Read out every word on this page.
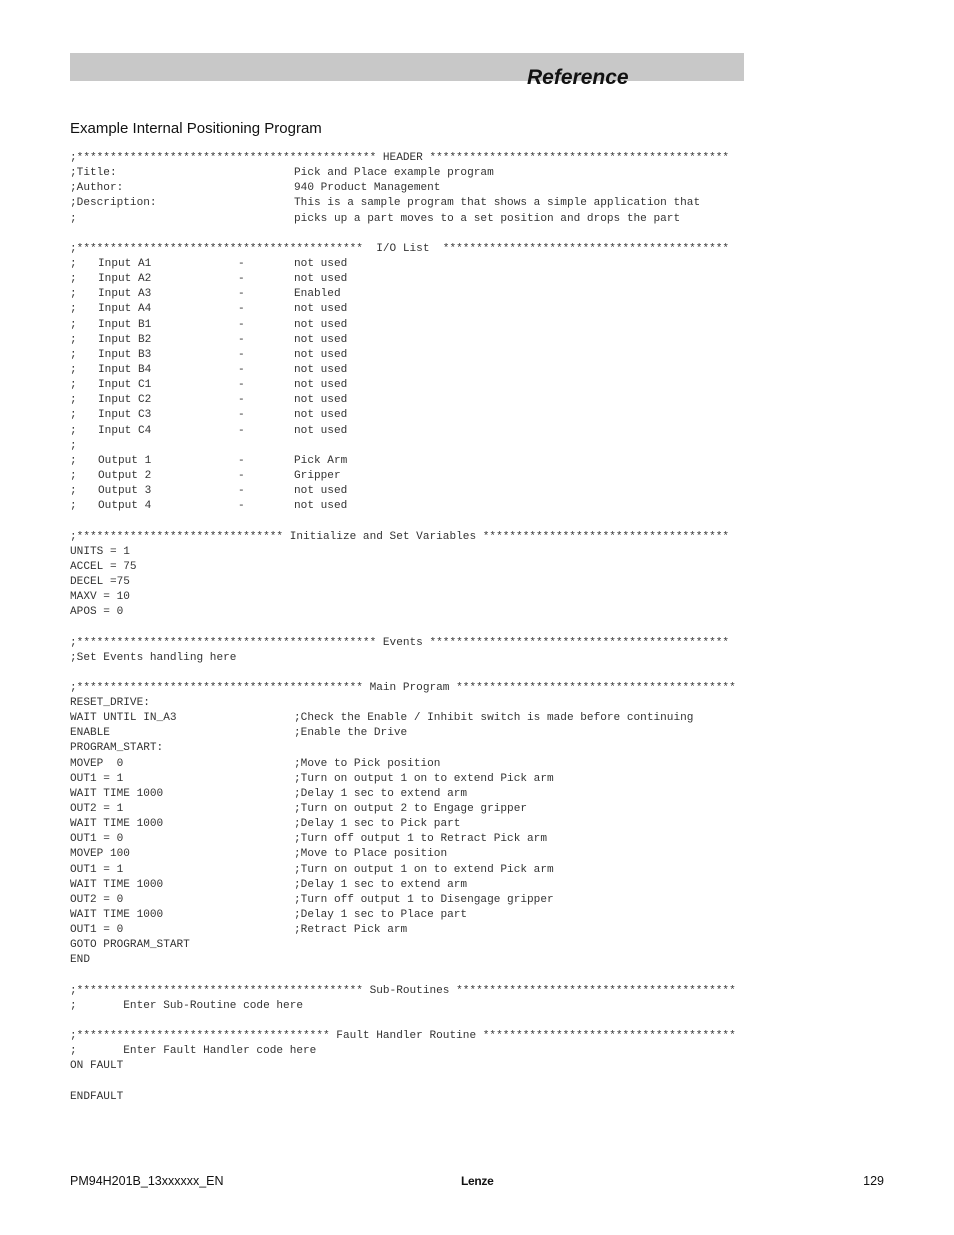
Reference
Example Internal Positioning Program
;********************************************* HEADER *********************************************
;Title:	Pick and Place example program
;Author:	940 Product Management
;Description:	This is a sample program that shows a simple application that
;	picks up a part moves to a set position and drops the part
;*******************************************  I/O List  *******************************************
; Input A1	-	not used
; Input A2	-	not used
; Input A3	-	Enabled
; Input A4	-	not used
; Input B1	-	not used
; Input B2	-	not used
; Input B3	-	not used
; Input B4	-	not used
; Input C1	-	not used
; Input C2	-	not used
; Input C3	-	not used
; Input C4	-	not used
;
; Output 1	-	Pick Arm
; Output 2	-	Gripper
; Output 3	-	not used
; Output 4	-	not used
;******************************* Initialize and Set Variables *************************************
UNITS = 1
ACCEL = 75
DECEL =75
MAXV = 10
APOS = 0
;********************************************* Events *********************************************
;Set Events handling here
;******************************************* Main Program ******************************************
RESET_DRIVE:
WAIT UNTIL IN_A3	;Check the Enable / Inhibit switch is made before continuing
ENABLE	;Enable the Drive
PROGRAM_START:
MOVEP  0	;Move to Pick position
OUT1 = 1	;Turn on output 1 on to extend Pick arm
WAIT TIME 1000	;Delay 1 sec to extend arm
OUT2 = 1	;Turn on output 2 to Engage gripper
WAIT TIME 1000	;Delay 1 sec to Pick part
OUT1 = 0	;Turn off output 1 to Retract Pick arm
MOVEP 100	;Move to Place position
OUT1 = 1	;Turn on output 1 on to extend Pick arm
WAIT TIME 1000	;Delay 1 sec to extend arm
OUT2 = 0	;Turn off output 1 to Disengage gripper
WAIT TIME 1000	;Delay 1 sec to Place part
OUT1 = 0	;Retract Pick arm
GOTO PROGRAM_START
END
;******************************************* Sub-Routines ******************************************
;       Enter Sub-Routine code here
;************************************** Fault Handler Routine **************************************
;       Enter Fault Handler code here
ON FAULT
ENDFAULT
PM94H201B_13xxxxxx_EN	Lenze	129
